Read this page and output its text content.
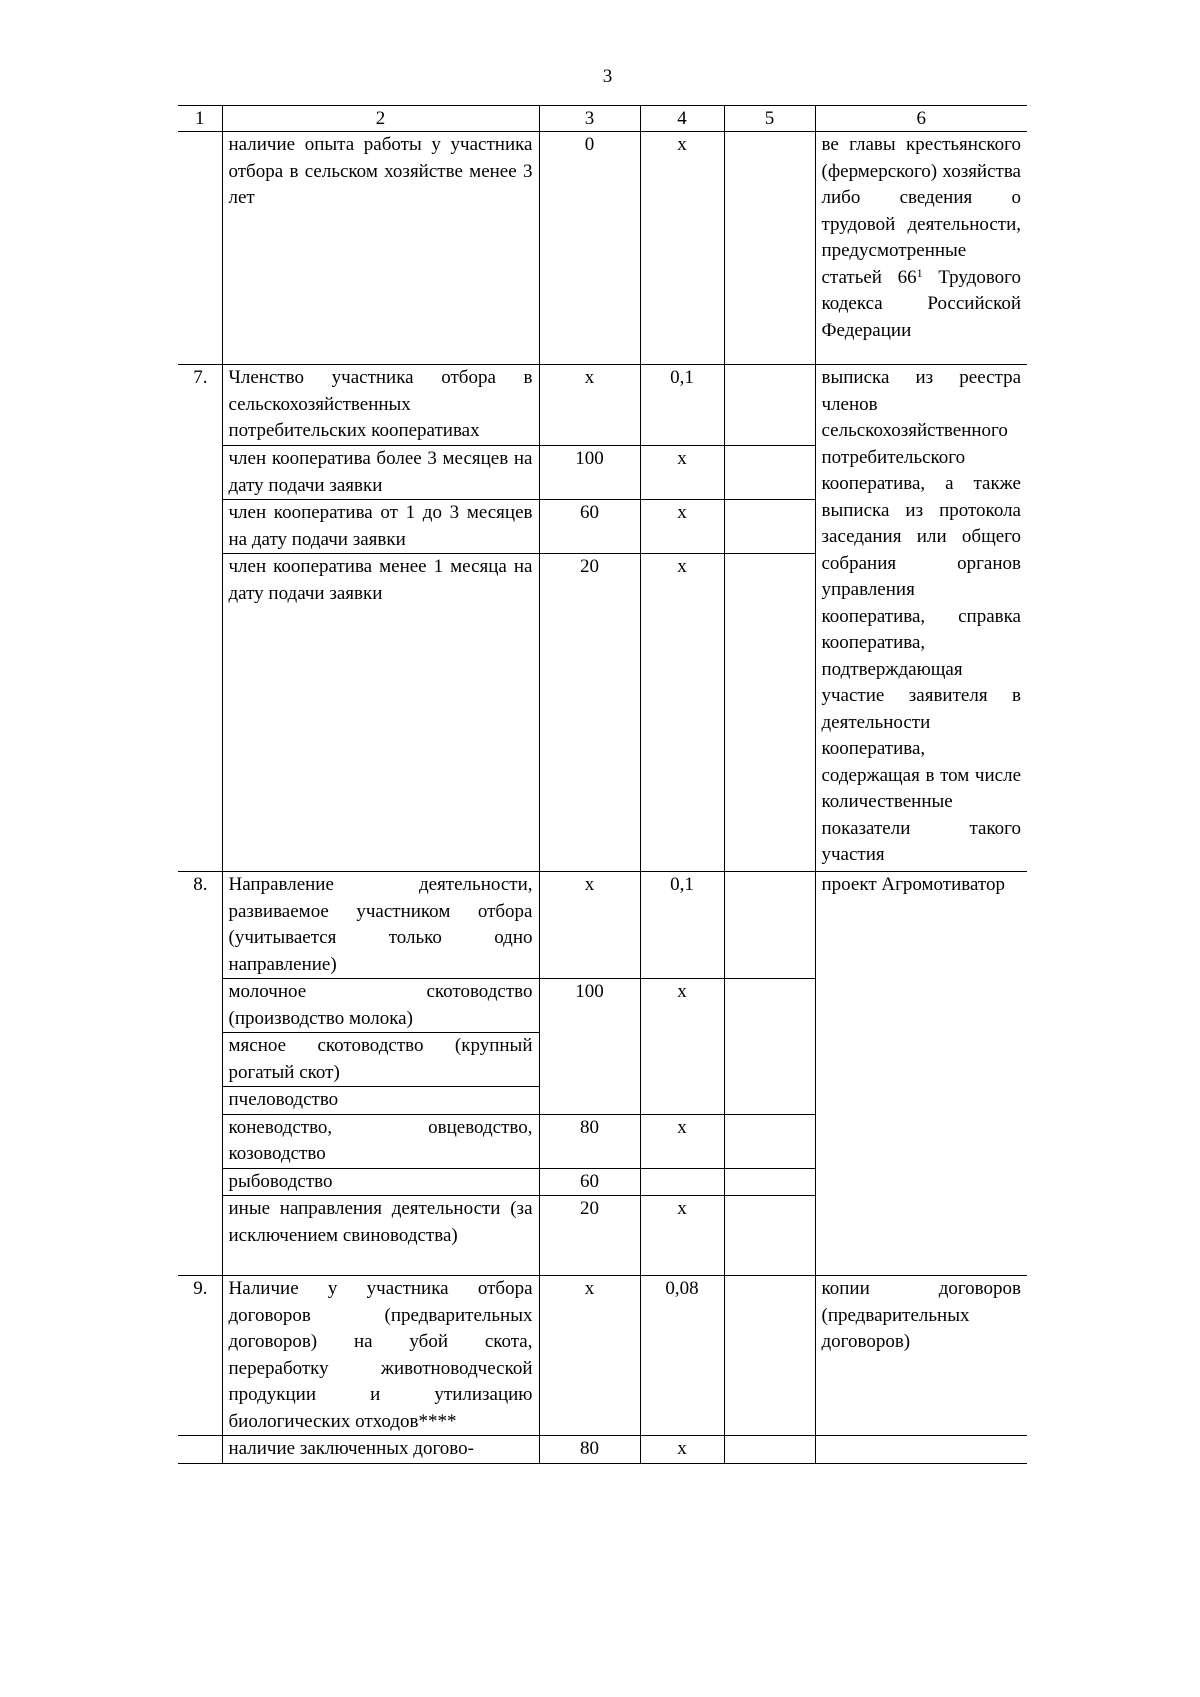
3
1	2	3	4	5	6
	наличие опыта работы у участника отбора в сельском хозяйстве менее 3 лет	0	x		ве главы крестьянского (фермерского) хозяйства либо сведения о трудовой деятельности, предусмотренные статьей $66^1$ Трудового кодекса Российской Федерации
7.	Членство участника отбора в сельскохозяйственных потребительских кооперативах	x	0,1		выписка из реестра членов сельскохозяйственного потребительского кооператива, а также выписка из протокола заседания или общего собрания органов управления кооператива, справка кооператива, подтверждающая участие заявителя в деятельности кооператива, содержащая в том числе количественные показатели такого участия
	член кооператива более 3 месяцев на дату подачи заявки	100	x		
	член кооператива от 1 до 3 месяцев на дату подачи заявки	60	x		
	член кооператива менее 1 месяца на дату подачи заявки	20	x		
8.	Направление деятельности, развиваемое участником отбора (учитывается только одно направление)	x	0,1		проект Агромотиватор
	молочное скотоводство (производство молока)	100	x		
	мясное скотоводство (крупный рогатый скот)				
	пчеловодство				
	коневодство, овцеводство, козоводство	80	x		
	рыбоводство	60			
	иные направления деятельности (за исключением свиноводства)	20	x		
9.	Наличие у участника отбора договоров (предварительных договоров) на убой скота, переработку животноводческой продукции и утилизацию биологических отходов****	x	0,08		копии договоров (предварительных договоров)
	наличие заключенных догово-	80	x		
